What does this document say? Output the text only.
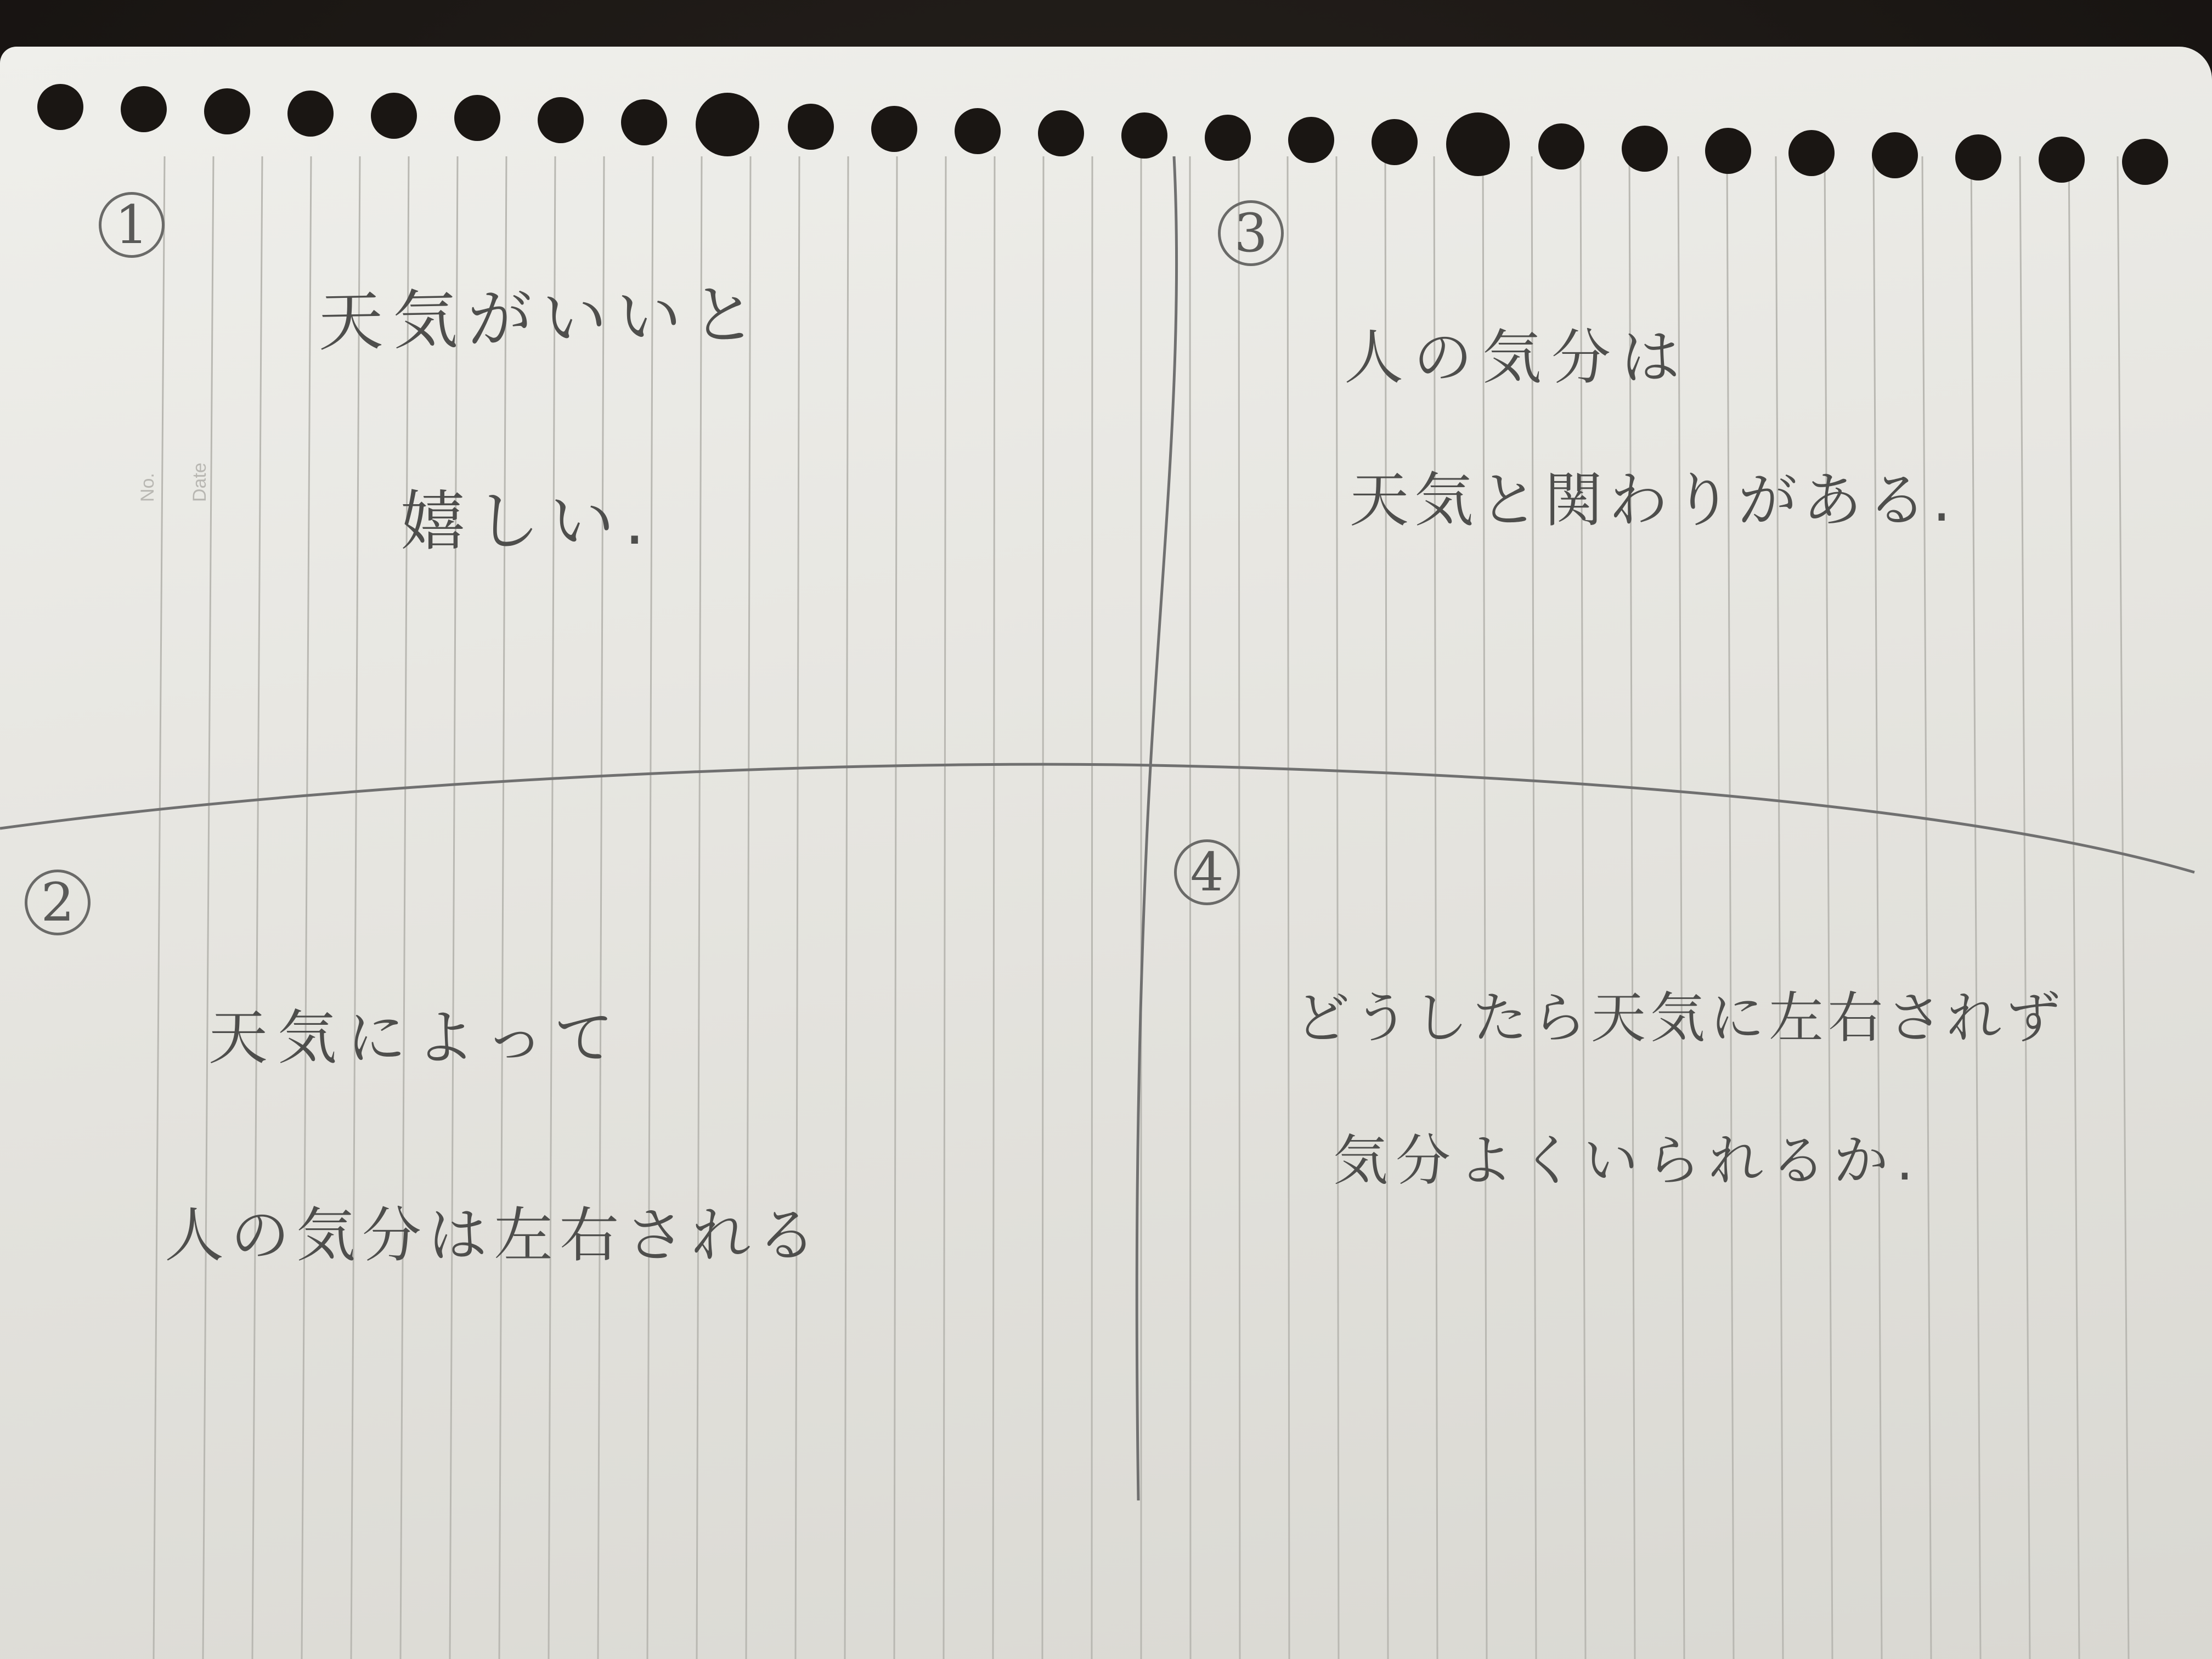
No. Date
1
天気がいいと
嬉しい.
3
人の気分は
天気と関わりがある.
2
天気によって
人の気分は左右される
4
どうしたら天気に左右されず
気分よくいられるか.
